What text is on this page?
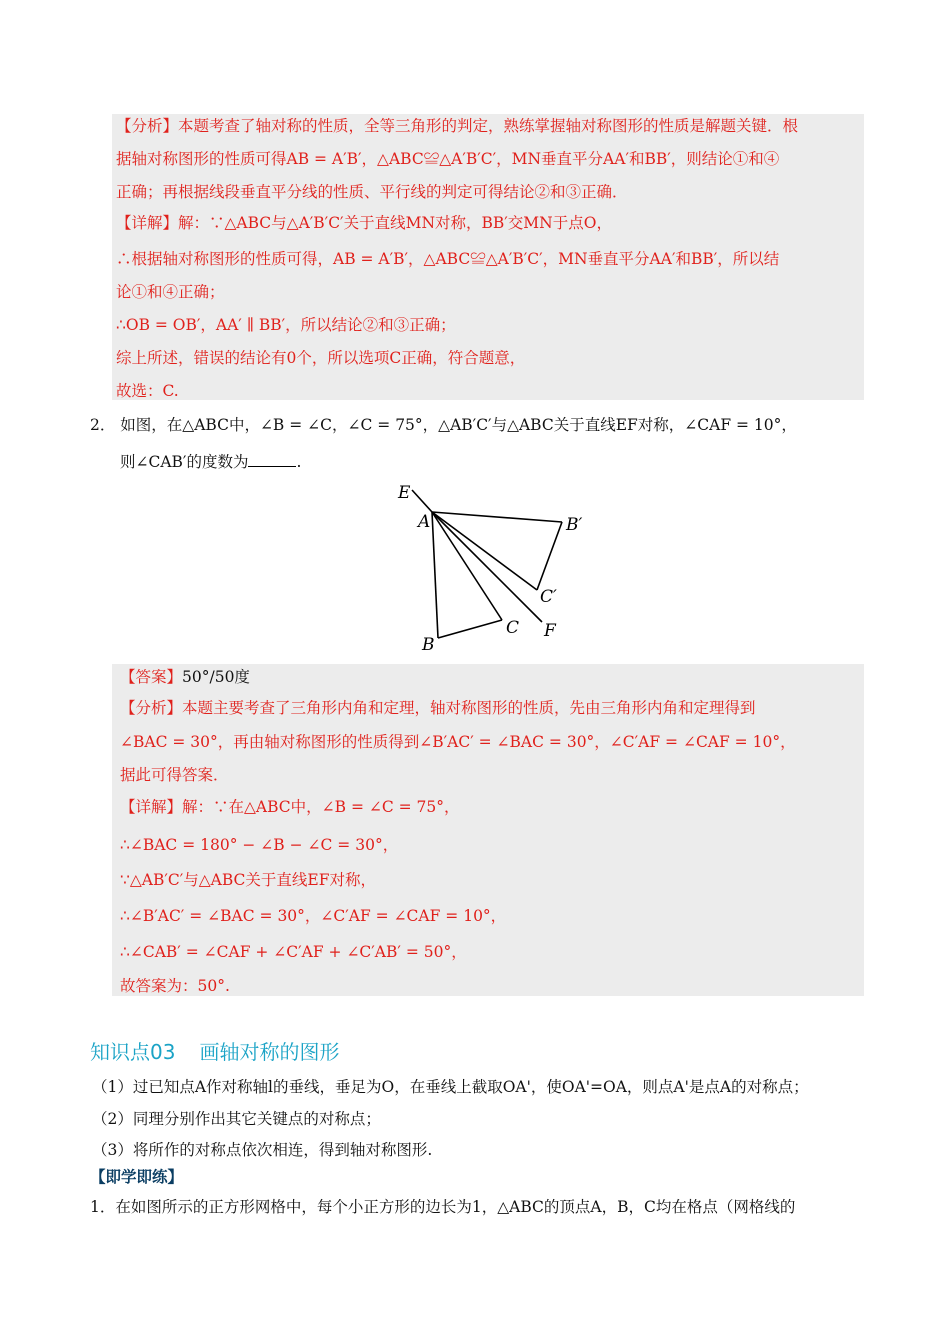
【分析】本题考查了轴对称的性质，全等三角形的判定，熟练掌握轴对称图形的性质是解题关键．根
据轴对称图形的性质可得AB = A′B′，△ABC≌△A′B′C′，MN垂直平分AA′和BB′，则结论①和④
正确；再根据线段垂直平分线的性质、平行线的判定可得结论②和③正确．
【详解】解：∵△ABC与△A′B′C′关于直线MN对称，BB′交MN于点O，
∴根据轴对称图形的性质可得，AB = A′B′，△ABC≌△A′B′C′，MN垂直平分AA′和BB′，所以结
论①和④正确；
∴OB = OB′，AA′ ∥ BB′，所以结论②和③正确；
综上所述，错误的结论有0个，所以选项C正确，符合题意，
故选：C.
2． 如图，在△ABC中，∠B = ∠C，∠C = 75°，△AB′C′与△ABC关于直线EF对称，∠CAF = 10°，
则∠CAB′的度数为	.
E
A	B′
C′
C F
B
【答案】50°/50度
【分析】本题主要考查了三角形内角和定理，轴对称图形的性质，先由三角形内角和定理得到
∠BAC = 30°，再由轴对称图形的性质得到∠B′AC′ = ∠BAC = 30°，∠C′AF = ∠CAF = 10°，
据此可得答案．
【详解】解：∵在△ABC中，∠B = ∠C = 75°，
∴∠BAC = 180° − ∠B − ∠C = 30°，
∵△AB′C′与△ABC关于直线EF对称，
∴∠B′AC′ = ∠BAC = 30°，∠C′AF = ∠CAF = 10°，
∴∠CAB′ = ∠CAF + ∠C′AF + ∠C′AB′ = 50°，
故答案为：50°.
知识点03 画轴对称的图形
（1）过已知点A作对称轴l的垂线，垂足为O，在垂线上截取OA'，使OA'=OA，则点A'是点A的对称点；
（2）同理分别作出其它关键点的对称点；
（3）将所作的对称点依次相连，得到轴对称图形.
【即学即练】
1．在如图所示的正方形网格中，每个小正方形的边长为1，△ABC的顶点A，B，C均在格点（网格线的
